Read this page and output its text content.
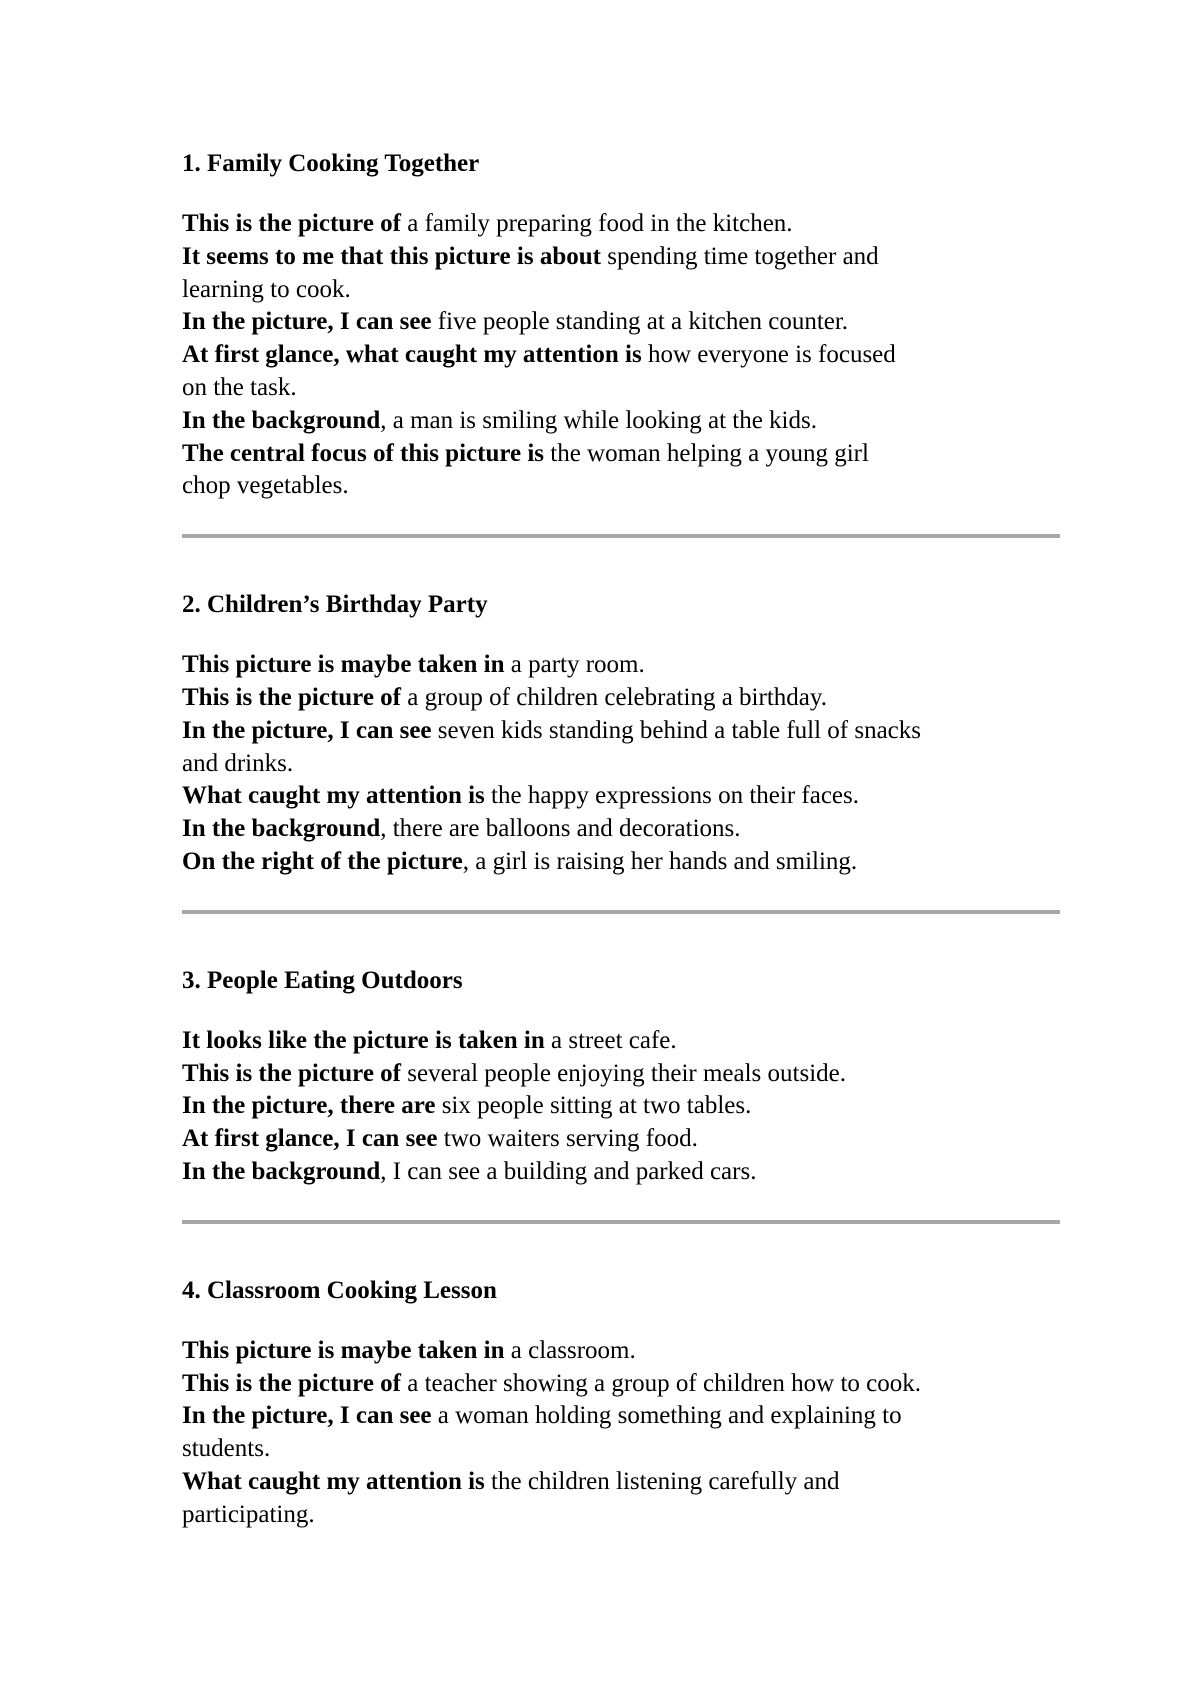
1. Family Cooking Together

This is the picture of a family preparing food in the kitchen.

It seems to me that this picture is about spending time together and

learning to cook.

In the picture, I can see five people standing at a kitchen counter.

At first glance, what caught my attention is how everyone is focused

on the task.

In the background, a man is smiling while looking at the kids.

The central focus of this picture is the woman helping a young girl

chop vegetables.

2. Children’s Birthday Party

This picture is maybe taken in a party room.

This is the picture of a group of children celebrating a birthday.

In the picture, I can see seven kids standing behind a table full of snacks

and drinks.

What caught my attention is the happy expressions on their faces.

In the background, there are balloons and decorations.

On the right of the picture, a girl is raising her hands and smiling.

3. People Eating Outdoors

It looks like the picture is taken in a street cafe.

This is the picture of several people enjoying their meals outside.

In the picture, there are six people sitting at two tables.

At first glance, I can see two waiters serving food.

In the background, I can see a building and parked cars.

4. Classroom Cooking Lesson

This picture is maybe taken in a classroom.

This is the picture of a teacher showing a group of children how to cook.

In the picture, I can see a woman holding something and explaining to

students.

What caught my attention is the children listening carefully and

participating.
